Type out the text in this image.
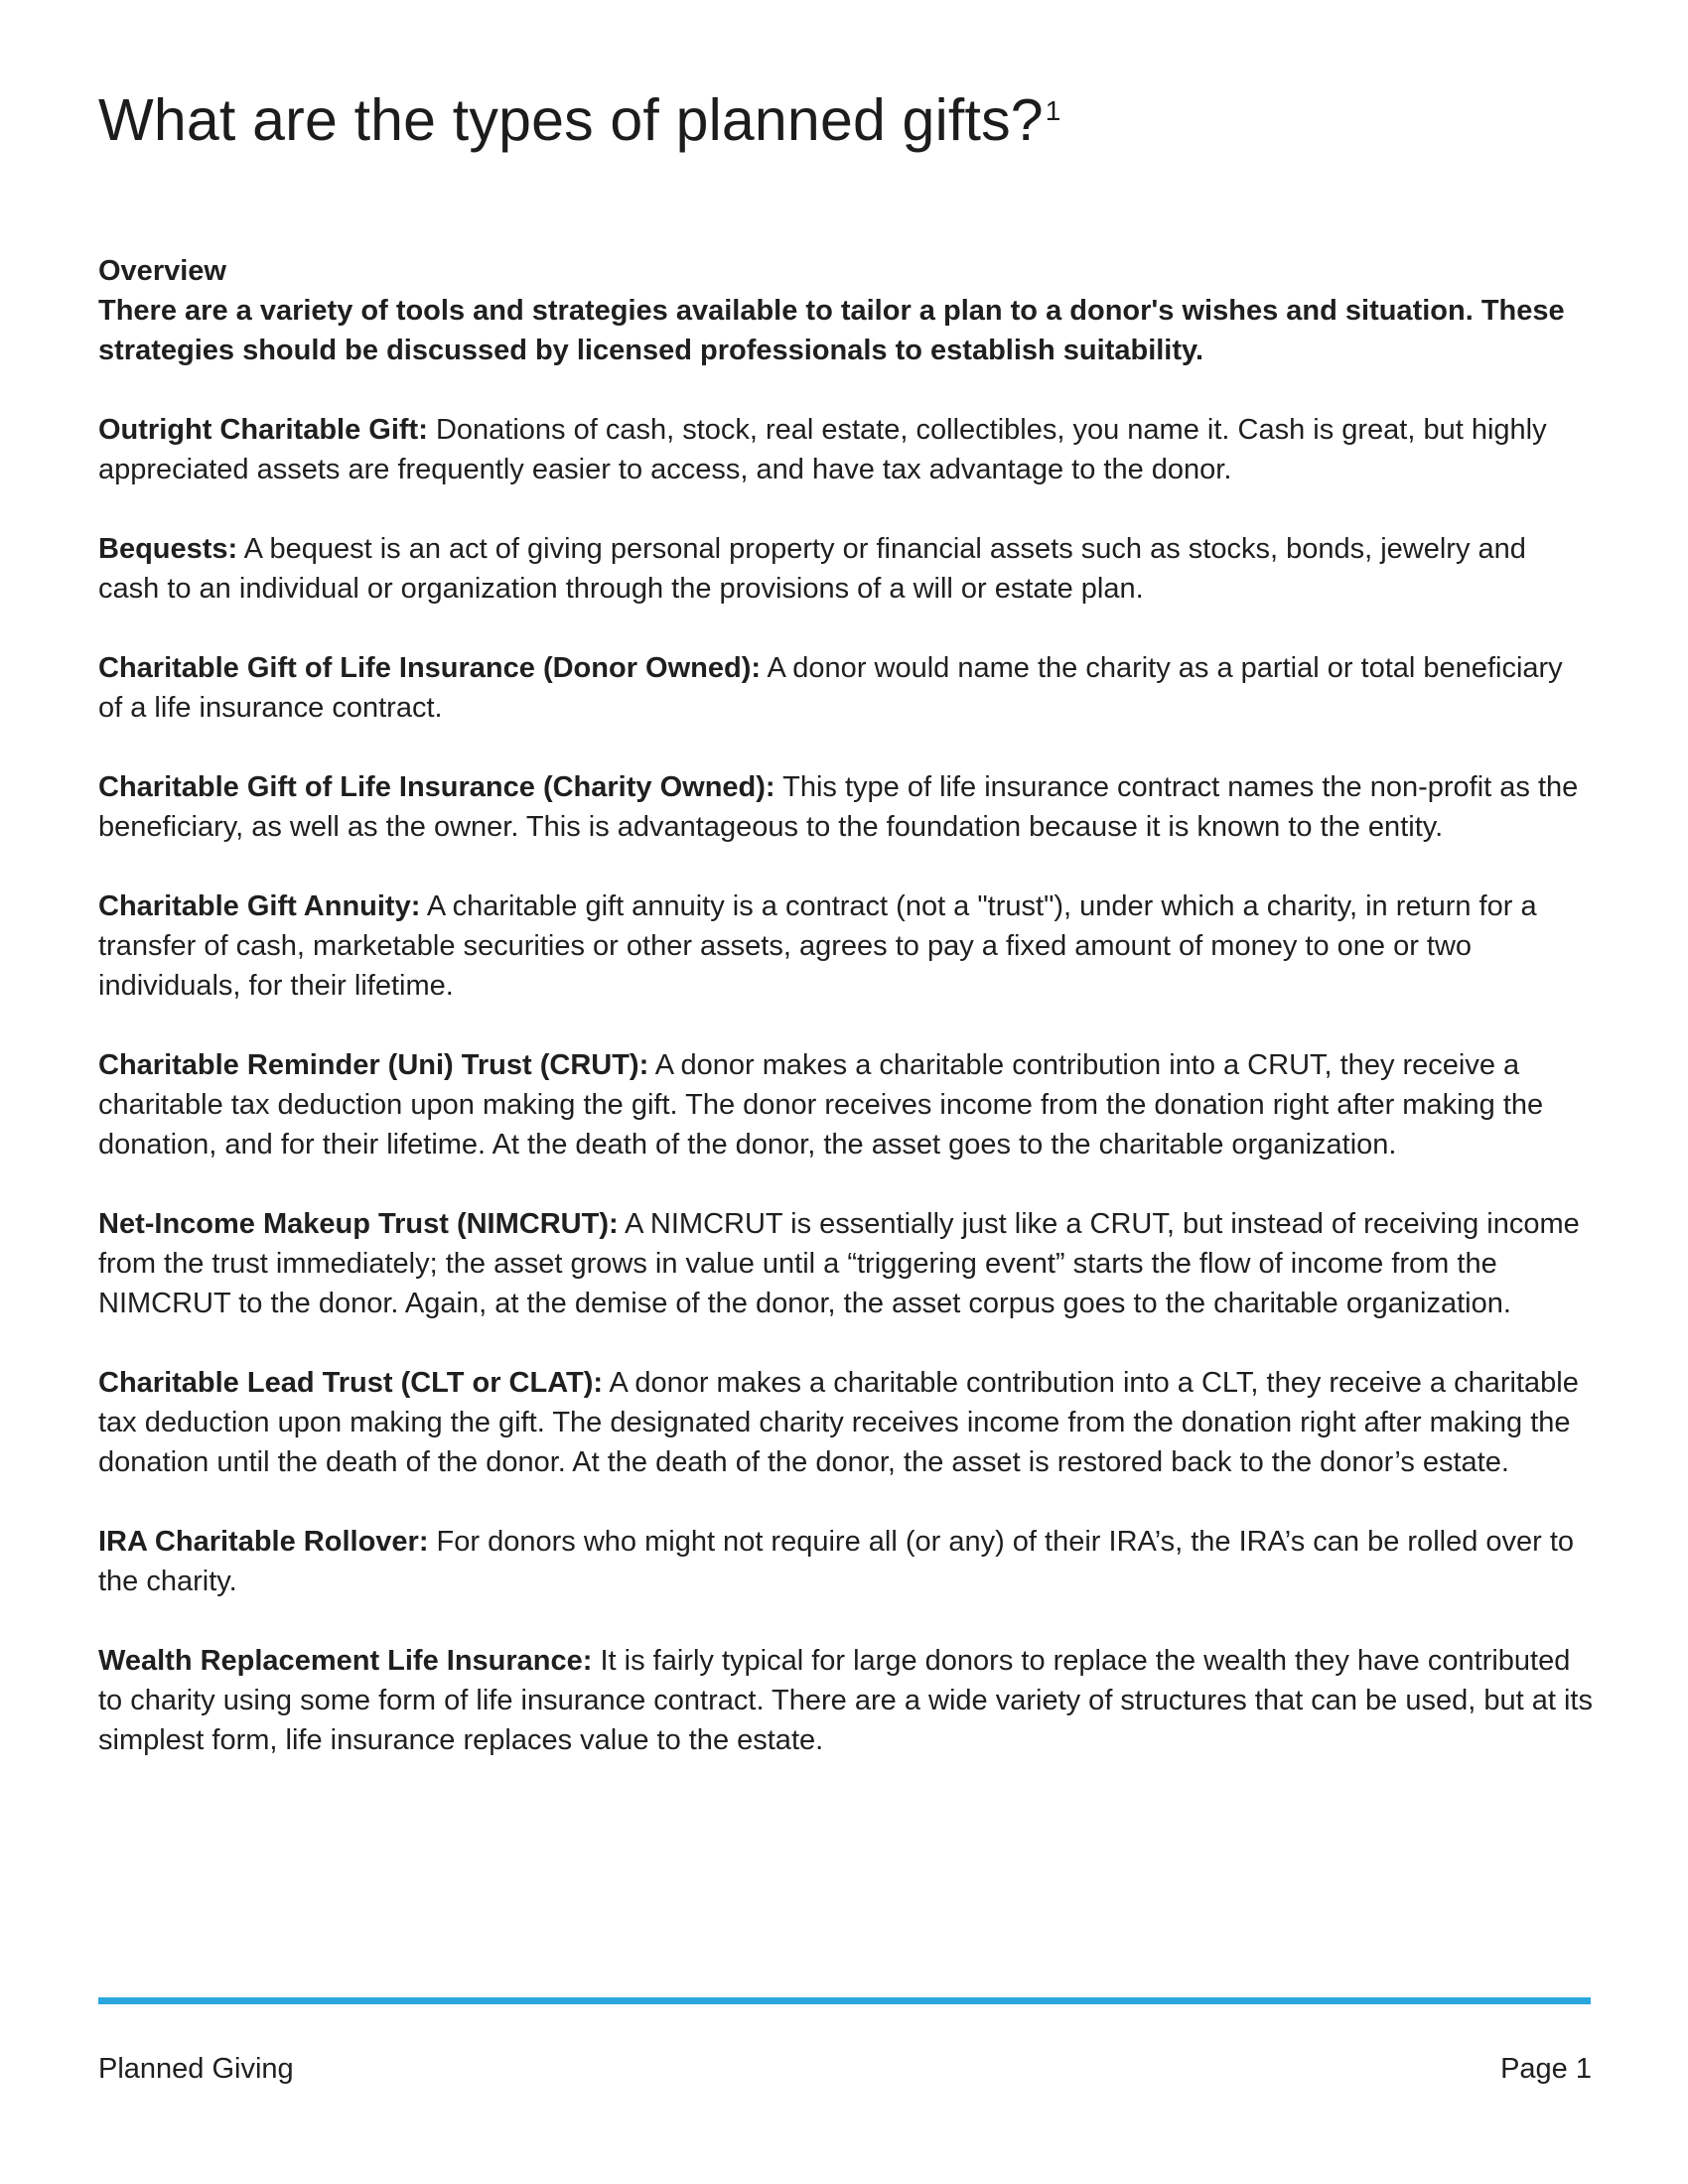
What are the types of planned gifts?$^1$

Overview

There are a variety of tools and strategies available to tailor a plan to a donor's wishes and situation. These strategies should be discussed by licensed professionals to establish suitability.

Outright Charitable Gift: Donations of cash, stock, real estate, collectibles, you name it. Cash is great, but highly appreciated assets are frequently easier to access, and have tax advantage to the donor.

Bequests: A bequest is an act of giving personal property or financial assets such as stocks, bonds, jewelry and cash to an individual or organization through the provisions of a will or estate plan.

Charitable Gift of Life Insurance (Donor Owned): A donor would name the charity as a partial or total beneficiary of a life insurance contract.

Charitable Gift of Life Insurance (Charity Owned): This type of life insurance contract names the non-profit as the beneficiary, as well as the owner. This is advantageous to the foundation because it is known to the entity.

Charitable Gift Annuity: A charitable gift annuity is a contract (not a "trust"), under which a charity, in return for a transfer of cash, marketable securities or other assets, agrees to pay a fixed amount of money to one or two individuals, for their lifetime.

Charitable Reminder (Uni) Trust (CRUT): A donor makes a charitable contribution into a CRUT, they receive a charitable tax deduction upon making the gift. The donor receives income from the donation right after making the donation, and for their lifetime. At the death of the donor, the asset goes to the charitable organization.

Net-Income Makeup Trust (NIMCRUT): A NIMCRUT is essentially just like a CRUT, but instead of receiving income from the trust immediately; the asset grows in value until a “triggering event” starts the flow of income from the NIMCRUT to the donor. Again, at the demise of the donor, the asset corpus goes to the charitable organization.

Charitable Lead Trust (CLT or CLAT): A donor makes a charitable contribution into a CLT, they receive a charitable tax deduction upon making the gift. The designated charity receives income from the donation right after making the donation until the death of the donor. At the death of the donor, the asset is restored back to the donor’s estate.

IRA Charitable Rollover: For donors who might not require all (or any) of their IRA’s, the IRA’s can be rolled over to the charity.

Wealth Replacement Life Insurance: It is fairly typical for large donors to replace the wealth they have contributed to charity using some form of life insurance contract. There are a wide variety of structures that can be used, but at its simplest form, life insurance replaces value to the estate.

Planned Giving	Page 1
